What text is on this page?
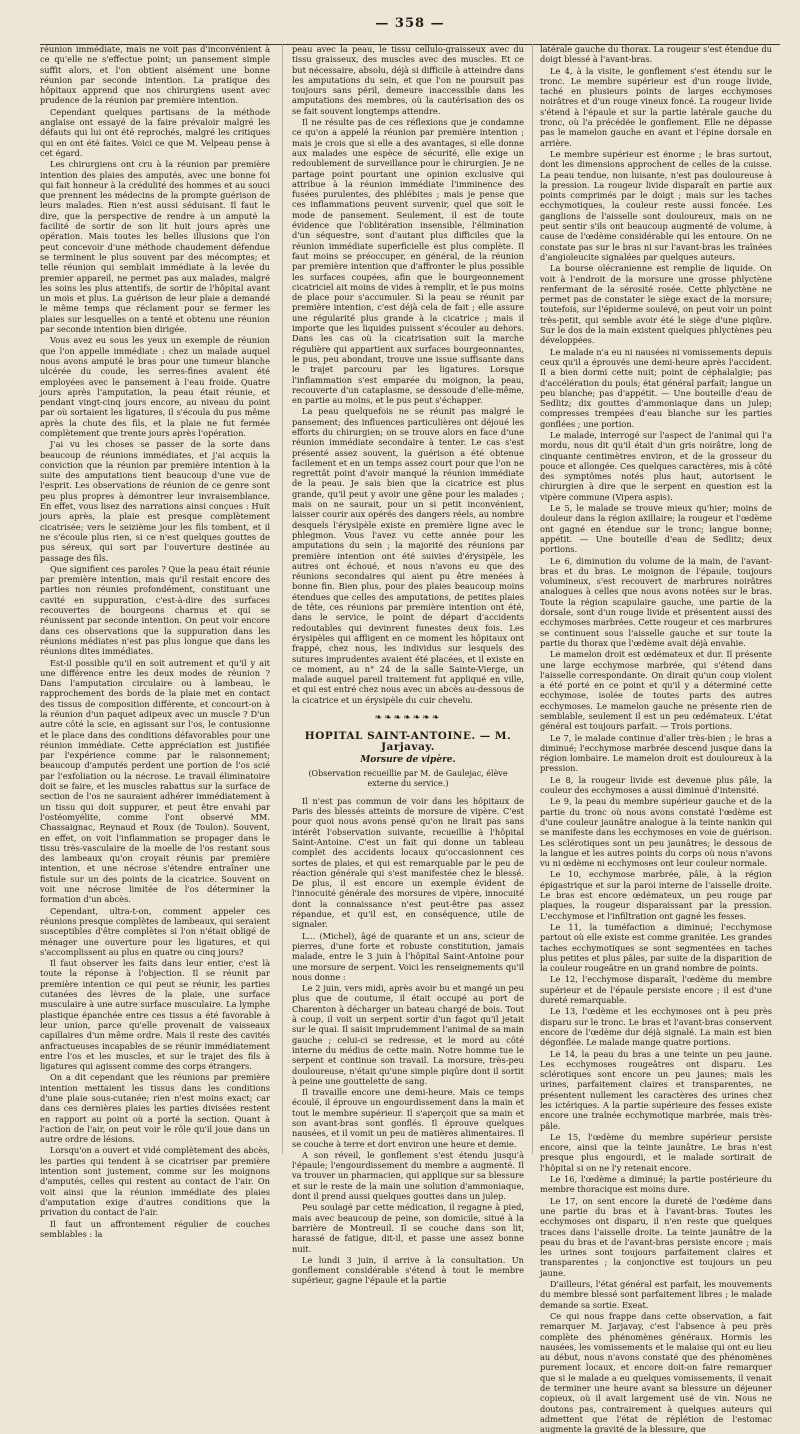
— 358 —

réunion immédiate, mais ne voit pas d'inconvénient à ce qu'elle ne s'effectue point; un pansement simple suffit alors, et l'on obtient aisément une bonne réunion par seconde intention. La pratique des hôpitaux apprend que nos chirurgiens usent avec prudence de la réunion par première intention.

Cependant quelques partisans de la méthode anglaise ont essayé de la faire prévaloir malgré les défauts qui lui ont été reprochés, malgré les critiques qui en ont été faites. Voici ce que M. Velpeau pense à cet égard.

Les chirurgiens ont cru à la réunion par première intention des plaies des amputés, avec une bonne foi qui fait honneur à la crédulité des hommes et au souci que prennent les médecins de la prompte guérison de leurs malades. Rien n'est aussi séduisant. Il faut le dire, que la perspective de rendre à un amputé la facilité de sortir de son lit huit jours après une opération. Mais toutes les belles illusions que l'on peut concevoir d'une méthode chaudement défendue se terminent le plus souvent par des mécomptes; et telle réunion qui semblait immédiate à la levée du premier appareil, ne permet pas aux malades, malgré les soins les plus attentifs, de sortir de l'hôpital avant un mois et plus. La guérison de leur plaie a demandé le même temps que réclament pour se fermer les plaies sur lesquelles on a tenté et obtenu une réunion par seconde intention bien dirigée.

Vous avez eu sous les yeux un exemple de réunion que l'on appelle immédiate : chez un malade auquel nous avons amputé le bras pour une tumeur blanche ulcérée du coude, les serres-fines avaient été employées avec le pansement à l'eau froide. Quatre jours après l'amputation, la peau était réunie, et pendant vingt-cinq jours encore, au niveau du point par où sortaient les ligatures, il s'écoula du pus même après la chute des fils, et la plaie ne fut fermée complètement que trente jours après l'opération.

J'ai vu les choses se passer de la sorte dans beaucoup de réunions immédiates, et j'ai acquis la conviction que la réunion par première intention à la suite des amputations tient beaucoup d'une vue de l'esprit. Les observations de réunion de ce genre sont peu plus propres à démontrer leur invraisemblance. En effet, vous lisez des narrations ainsi conçues : Huit jours après, la plaie est presque complètement cicatrisée; vers le seizième jour les fils tombent, et il ne s'écoule plus rien, si ce n'est quelques gouttes de pus séreux, qui sort par l'ouverture destinée au passage des fils.

Que signifient ces paroles ? Que la peau était réunie par première intention, mais qu'il restait encore des parties non réunies profondément, constituant une cavité en suppuration, c'est-à-dire des surfaces recouvertes de bourgeons charnus et qui se réunissent par seconde intention. On peut voir encore dans ces observations que la suppuration dans les réunions médiates n'est pas plus longue que dans les réunions dites immédiates.

Est-il possible qu'il en soit autrement et qu'il y ait une différence entre les deux modes de réunion ? Dans l'amputation circulaire ou à lambeau, le rapprochement des bords de la plaie met en contact des tissus de composition différente, et concourt-on à la réunion d'un paquet adipeux avec un muscle ? D'un autre côté la scie, en agissant sur l'os, le contusionne et le place dans des conditions défavorables pour une réunion immédiate. Cette appréciation est justifiée par l'expérience comme par le raisonnement; beaucoup d'amputés perdent une portion de l'os scié par l'exfoliation ou la nécrose. Le travail éliminatoire doit se faire, et les muscles rabattus sur la surface de section de l'os ne sauraient adhérer immédiatement à un tissu qui doit suppurer, et peut être envahi par l'ostéomyélite, comme l'ont observé MM. Chassaignac, Reynaud et Roux (de Toulon). Souvent, en effet, on voit l'inflammation se propager dans le tissu très-vasculaire de la moelle de l'os restant sous des lambeaux qu'on croyait réunis par première intention, et une nécrose s'étendre entraîner une fistule sur un des points de la cicatrice. Souvent on voit une nécrose limitée de l'os déterminer la formation d'un abcès.

Cependant, ultra-t-on, comment appeler ces réunions presque complètes de lambeaux, qui seraient susceptibles d'être complètes si l'on n'était obligé de ménager une ouverture pour les ligatures, et qui s'accomplissent au plus en quatre ou cinq jours?

Il faut observer les faits dans leur entier, c'est là toute la réponse à l'objection. Il se réunit par première intention ce qui peut se réunir, les parties cutanées des lèvres de la plaie, une surface musculaire à une autre surface musculaire. La lymphe plastique épanchée entre ces tissus a été favorable à leur union, parce qu'elle provenait de vaisseaux capillaires d'un même ordre. Mais il reste des cavités anfractueuses incapables de se réunir immédiatement entre l'os et les muscles, et sur le trajet des fils à ligatures qui agissent comme des corps étrangers.

On a dit cependant que les réunions par première intention mettaient les tissus dans les conditions d'une plaie sous-cutanée; rien n'est moins exact; car dans ces dernières plaies les parties divisées restent en rapport au point où a porté la section. Quant à l'action de l'air, on peut voir le rôle qu'il joue dans un autre ordre de lésions.

Lorsqu'on a ouvert et vidé complètement des abcès, les parties qui tendent à se cicatriser par première intention sont justement, comme sur les moignons d'amputés, celles qui restent au contact de l'air. On voit ainsi que la réunion immédiate des plaies d'amputation exige d'autres conditions que la privation du contact de l'air.

Il faut un affrontement régulier de couches semblables : la

peau avec la peau, le tissu cellulo-graisseux avec du tissu graisseux, des muscles avec des muscles. Et ce but nécessaire, absolu, déjà si difficile à atteindre dans les amputations du sein, et que l'on ne poursuit pas toujours sans péril, demeure inaccessible dans les amputations des membres, où la cautérisation des os se fait souvent longtemps attendre.

Il ne résulte pas de ces réflexions que je condamne ce qu'on a appelé la réunion par première intention ; mais je crois que si elle a des avantages, si elle donne aux malades une espèce de sécurité, elle exige un redoublement de surveillance pour le chirurgien. Je ne partage point pourtant une opinion exclusive qui attribue à la réunion immédiate l'imminence des fusées purulentes, des phlébites ; mais je pense que ces inflammations peuvent survenir, quel que soit le mode de pansement. Seulement, il est de toute évidence que l'oblitération insensible, l'élimination d'un séquestre, sont d'autant plus difficiles que la réunion immédiate superficielle est plus complète. Il faut moins se préoccuper, en général, de la réunion par première intention que d'affronter le plus possible les surfaces coupées, afin que le bourgeonnement cicatriciel ait moins de vides à remplir, et le pus moins de place pour s'accumuler. Si la peau se réunit par première intention, c'est déjà cela de fait ; elle assure une régularité plus grande à la cicatrice ; mais il importe que les liquides puissent s'écouler au dehors. Dans les cas où la cicatrisation suit la marche régulière qui appartient aux surfaces bourgeonnantes, le pus, peu abondant, trouve une issue suffisante dans le trajet parcouru par les ligatures. Lorsque l'inflammation s'est emparée du moignon, la peau, recouverte d'un cataplasme, se dessoude d'elle-même, en partie au moins, et le pus peut s'échapper.

La peau quelquefois ne se réunit pas malgré le pansement; des influences particulières ont déjoué les efforts du chirurgien; on se trouve alors en face d'une réunion immédiate secondaire à tenter. Le cas s'est présenté assez souvent, la guérison a été obtenue facilement et en un temps assez court pour que l'on ne regrettât point d'avoir manqué la réunion immédiate de la peau. Je sais bien que la cicatrice est plus grande, qu'il peut y avoir une gêne pour les malades ; mais on ne saurait, pour un si petit inconvénient, laisser courir aux opérés des dangers réels, au nombre desquels l'érysipèle existe en première ligne avec le phlegmon. Vous l'avez vu cette année pour les amputations du sein ; la majorité des réunions par première intention ont été suivies d'érysipèle, les autres ont échoué, et nous n'avons eu que des réunions secondaires qui aient pu être menées à bonne fin. Bien plus, pour des plaies beaucoup moins étendues que celles des amputations, de petites plaies de tête, ces réunions par première intention ont été, dans le service, le point de départ d'accidents redoutables qui devinrent funestes deux fois. Les érysipèles qui affligent en ce moment les hôpitaux ont frappé, chez nous, les individus sur lesquels des sutures imprudentes avaient été placées, et il existe en ce moment, au n° 24 de la salle Sainte-Vierge, un malade auquel pareil traitement fut appliqué en ville, et qui est entré chez nous avec un abcès au-dessous de la cicatrice et un érysipèle du cuir chevelu.

❧❧❧❧❧❧❧
HOPITAL SAINT-ANTOINE. — M. Jarjavay.
Morsure de vipère.
(Observation recueillie par M. de Gaulejac, élève externe du service.)

Il n'est pas commun de voir dans les hôpitaux de Paris des blessés atteints de morsure de vipère. C'est pour quoi nous avons pensé qu'on ne lirait pas sans intérêt l'observation suivante, recueillie à l'hôpital Saint-Antoine. C'est un fait qui donne un tableau complet des accidents locaux qu'occasionnent ces sortes de plaies, et qui est remarquable par le peu de réaction générale qui s'est manifestée chez le blessé. De plus, il est encore un exemple évident de l'innocuité générale des morsures de vipère, innocuité dont la connaissance n'est peut-être pas assez répandue, et qu'il est, en conséquence, utile de signaler.

L... (Michel), âgé de quarante et un ans, scieur de pierres, d'une forte et robuste constitution, jamais malade, entre le 3 juin à l'hôpital Saint-Antoine pour une morsure de serpent. Voici les renseignements qu'il nous donne :

Le 2 juin, vers midi, après avoir bu et mangé un peu plus que de coutume, il était occupé au port de Charenton à décharger un bateau chargé de bois. Tout à coup, il voit un serpent sortir d'un fagot qu'il jetait sur le quai. Il saisit imprudemment l'animal de sa main gauche ; celui-ci se redresse, et le mord au côté interne du médius de cette main. Notre homme tue le serpent et continue son travail. La morsure, très-peu douloureuse, n'était qu'une simple piqûre dont il sortit à peine une gouttelette de sang.

Il travaille encore une demi-heure. Mais ce temps écoulé, il éprouve un engourdissement dans la main et tout le membre supérieur. Il s'aperçoit que sa main et son avant-bras sont gonflés. Il éprouve quelques nausées, et il vomit un peu de matières alimentaires. Il se couche à terre et dort environ une heure et demie.

A son réveil, le gonflement s'est étendu jusqu'à l'épaule; l'engourdissement du membre a augmenté. Il va trouver un pharmacien, qui applique sur sa blessure et sur le reste de la main une solution d'ammoniaque, dont il prend aussi quelques gouttes dans un julep.

Peu soulagé par cette médication, il regagne à pied, mais avec beaucoup de peine, son domicile, situé à la barrière de Montreuil. Il se couche dans son lit, harassé de fatigue, dit-il, et passe une assez bonne nuit.

Le lundi 3 juin, il arrive à la consultation. Un gonflement considérable s'étend à tout le membre supérieur, gagne l'épaule et la partie

latérale gauche du thorax. La rougeur s'est étendue du doigt blessé à l'avant-bras.

Le 4, à la visite, le gonflement s'est étendu sur le tronc. Le membre supérieur est d'un rouge livide, taché en plusieurs points de larges ecchymoses noirâtres et d'un rouge vineux foncé. La rougeur livide s'étend à l'épaule et sur la partie latérale gauche du tronc, où l'a précédée le gonflement. Elle ne dépasse pas le mamelon gauche en avant et l'épine dorsale en arrière.

Le membre supérieur est énorme ; le bras surtout, dont les dimensions approchent de celles de la cuisse. La peau tendue, non luisante, n'est pas douloureuse à la pression. La rougeur livide disparaît en partie aux points comprimés par le doigt ; mais sur les taches ecchymotiques, la couleur reste aussi foncée. Les ganglions de l'aisselle sont douloureux, mais on ne peut sentir s'ils ont beaucoup augmenté de volume, à cause de l'œdème considérable qui les entoure. On ne constate pas sur le bras ni sur l'avant-bras les traînées d'angioleucite signalées par quelques auteurs.

La bourse olécranienne est remplie de liquide. On voit à l'endroit de la morsure une grosse phlyctène renfermant de la sérosité rosée. Cette phlyctène ne permet pas de constater le siège exact de la morsure; toutefois, sur l'épiderme soulevé, on peut voir un point très-petit, qui semble avoir été le siège d'une piqûre. Sur le dos de la main existent quelques phlyctènes peu développées.

Le malade n'a eu ni nausées ni vomissements depuis ceux qu'il a éprouvés une demi-heure après l'accident. Il a bien dormi cette nuit; point de céphalalgie; pas d'accélération du pouls; état général parfait; langue un peu blanche; pas d'appétit. — Une bouteille d'eau de Sedlitz; dix gouttes d'ammoniaque dans un julep; compresses trempées d'eau blanche sur les parties gonflées ; une portion.

Le malade, interrogé sur l'aspect de l'animal qui l'a mordu, nous dit qu'il était d'un gris noirâtre, long de cinquante centimètres environ, et de la grosseur du pouce et allongée. Ces quelques caractères, mis à côté des symptômes notés plus haut, autorisent le chirurgien à dire que le serpent en question est la vipère commune (Vipera aspis).

Le 5, le malade se trouve mieux qu'hier; moins de douleur dans la région axillaire; la rougeur et l'œdème ont gagné en étendue sur le tronc; langue bonne; appétit. — Une bouteille d'eau de Sedlitz; deux portions.

Le 6, diminution du volume de la main, de l'avant-bras et du bras. Le moignon de l'épaule, toujours volumineux, s'est recouvert de marbrures noirâtres analogues à celles que nous avons notées sur le bras. Toute la région scapulaire gauche, une partie de la dorsale, sont d'un rouge livide et présentent aussi des ecchymoses marbrées. Cette rougeur et ces marbrures se continuent sous l'aisselle gauche et sur toute la partie du thorax que l'œdème avait déjà envahie.

Le mamelon droit est œdémateux et dur. Il présente une large ecchymose marbrée, qui s'étend dans l'aisselle correspondante. On dirait qu'un coup violent a été porté en ce point et qu'il y a déterminé cette ecchymose, isolée de toutes parts des autres ecchymoses. Le mamelon gauche ne présente rien de semblable, seulement il est un peu œdémateux. L'état général est toujours parfait. — Trois portions.

Le 7, le malade continue d'aller très-bien ; le bras a diminué; l'ecchymose marbrée descend jusque dans la région lombaire. Le mamelon droit est douloureux à la pression.

Le 8, la rougeur livide est devenue plus pâle, la couleur des ecchymoses a aussi diminué d'intensité.

Le 9, la peau du membre supérieur gauche et de la partie du tronc où nous avons constaté l'œdème est d'une couleur jaunâtre analogue à la teinte nankin qui se manifeste dans les ecchymoses en voie de guérison. Les sclérotiques sont un peu jaunâtres; le dessous de la langue et les autres points du corps où nous n'avons vu ni œdème ni ecchymoses ont leur couleur normale.

Le 10, ecchymose marbrée, pâle, à la région épigastrique et sur la paroi interne de l'aisselle droite. Le bras est encore œdémateux, un peu rouge par plaques, la rougeur disparaissant par la pression. L'ecchymose et l'infiltration ont gagné les fesses.

Le 11, la tuméfaction a diminué; l'ecchymose partout où elle existe est comme granitée. Les grandes taches ecchymotiques se sont segmentées en taches plus petites et plus pâles, par suite de la disparition de la couleur rougeâtre en un grand nombre de points.

Le 12, l'ecchymose disparaît, l'œdème du membre supérieur et de l'épaule persiste encore ; il est d'une dureté remarquable.

Le 13, l'œdème et les ecchymoses ont à peu près disparu sur le tronc. Le bras et l'avant-bras conservent encore de l'œdème dur déjà signalé. La main est bien dégonflée. Le malade mange quatre portions.

Le 14, la peau du bras a une teinte un peu jaune. Les ecchymoses rougeâtres ont disparu. Les sclérotiques sont encore un peu jaunes; mais les urines, parfaitement claires et transparentes, ne présentent nullement les caractères des urines chez les ictériques. A la partie supérieure des fesses existe encore une traînée ecchymotique marbrée, mais très-pâle.

Le 15, l'œdème du membre supérieur persiste encore, ainsi que la teinte jaunâtre. Le bras n'est presque plus engourdi, et le malade sortirait de l'hôpital si on ne l'y retenait encore.

Le 16, l'œdème a diminué; la partie postérieure du membre thoracique est moins dure.

Le 17, on sent encore la dureté de l'œdème dans une partie du bras et à l'avant-bras. Toutes les ecchymoses ont disparu, il n'en reste que quelques traces dans l'aisselle droite. La teinte jaunâtre de la peau du bras et de l'avant-bras persiste encore ; mais les urines sont toujours parfaitement claires et transparentes ; la conjonctive est toujours un peu jaune.

D'ailleurs, l'état général est parfait, les mouvements du membre blessé sont parfaitement libres ; le malade demande sa sortie. Exeat.

Ce qui nous frappe dans cette observation, a fait remarquer M. Jarjavay, c'est l'absence à peu près complète des phénomènes généraux. Hormis les nausées, les vomissements et le malaise qui ont eu lieu au début, nous n'avons constaté que des phénomènes purement locaux, et encore doit-on faire remarquer que si le malade a eu quelques vomissements, il venait de terminer une heure avant sa blessure un déjeuner copieux, où il avait largement usé de vin. Nous ne doutons pas, contrairement à quelques auteurs qui admettent que l'état de réplétion de l'estomac augmente la gravité de la blessure, que
